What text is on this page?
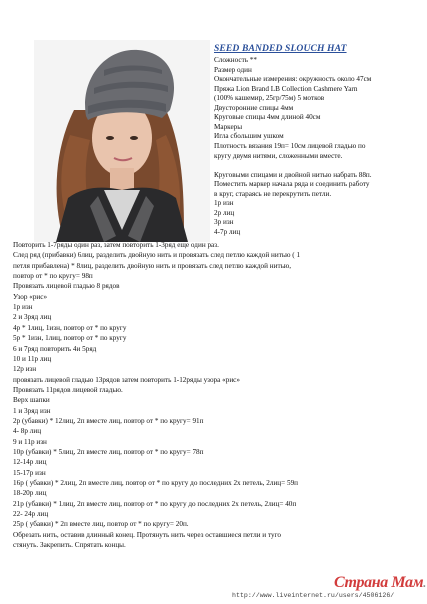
SEED BANDED SLOUCH HAT
Сложность **
Размер один
Окончательные измерения: окружность около 47см
Пряжа Lion Brand LB Collection Cashmere Yarn
(100% кашемир, 25гр/75м) 5 мотков
Двусторонние спицы 4мм
Круговые спицы 4мм длиной 40см
Маркеры
Игла сбольшим ушком
Плотность вязания 19п= 10см лицевой гладью по
кругу двумя нитями, сложенными вместе.
Круговыми спицами и двойной нитью набрать 88п.
Поместить маркер начала ряда и соединить работу
в круг, стараясь не перекрутить петли.
1р изн
2р лиц
3р изн
4-7р лиц
Повторить 1-7ряды один раз, затем повторить 1-3ряд еще один раз.
След ряд (прибавки) 6лиц, разделить двойную нить и провязать след петлю каждой нитью ( 1
петля прибавлена) * 8лиц, разделить двойную нить и провязать след петлю каждой нитью,
повтор от * по кругу= 98п
Провязать лицевой гладью 8 рядов
Узор «рис»
1р изн
2 и 3ряд лиц
4р * 1лиц, 1изн, повтор от * по кругу
5р * 1изн, 1лиц, повтор от * по кругу
6 и 7ряд повторить 4и 5ряд
10 и 11р лиц
12р изн
провязать лицевой гладью 13рядов затем повторить 1-12ряды узора «рис»
Провязать 11рядов лицевой гладью.
Верх шапки
1 и 3ряд изн
2р (убавки) * 12лиц, 2п вместе лиц, повтор от * по кругу= 91п
4- 8р лиц
9 и 11р изн
10р (убавки) * 5лиц, 2п вместе лиц, повтор от * по кругу= 78п
12-14р лиц
15-17р изн
16р ( убавки) * 2лиц, 2п вместе лиц, повтор от * по кругу до последних 2х петель, 2лиц= 59п
18-20р лиц
21р (убавки) * 1лиц, 2п вместе лиц, повтор от * по кругу до последних 2х петель, 2лиц= 40п
22- 24р лиц
25р ( убавки) * 2п вместе лиц, повтор от * по кругу= 20п.
Обрезать нить, оставив длинный конец. Протянуть нить через оставшиеся петли и туго
стянуть. Закрепить. Спрятать концы.
http://www.liveinternet.ru/users/4506126/
Страна Мам.
